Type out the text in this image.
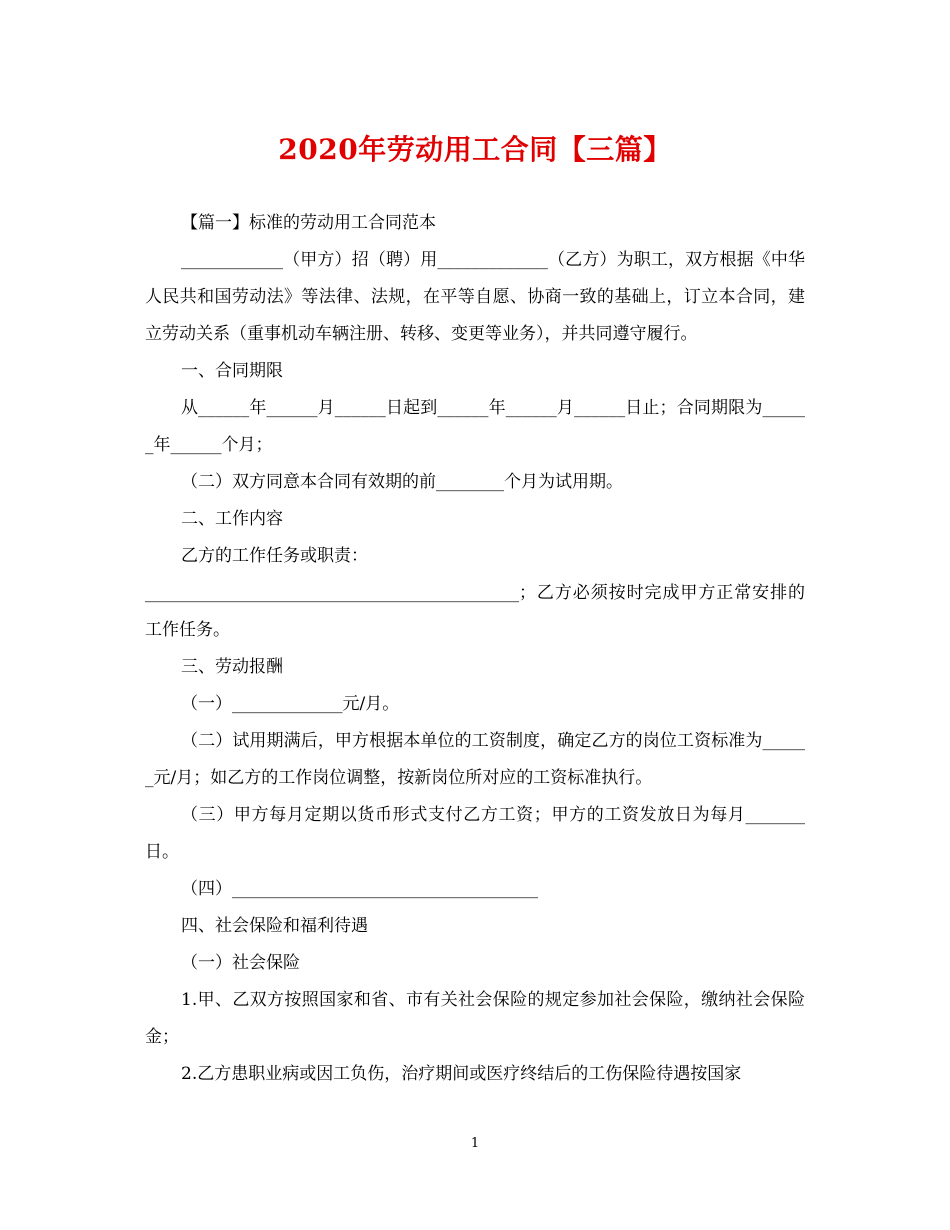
2020年劳动用工合同【三篇】

【篇一】标准的劳动用工合同范本

____________（甲方）招（聘）用_____________（乙方）为职工，双方根据《中华人民共和国劳动法》等法律、法规，在平等自愿、协商一致的基础上，订立本合同，建立劳动关系（重事机动车辆注册、转移、变更等业务），并共同遵守履行。

一、合同期限

从______年______月______日起到______年______月______日止；合同期限为______年______个月；

（二）双方同意本合同有效期的前________个月为试用期。

二、工作内容

乙方的工作任务或职责：

____________________________________________；乙方必须按时完成甲方正常安排的工作任务。

三、劳动报酬

（一）_____________元/月。

（二）试用期满后，甲方根据本单位的工资制度，确定乙方的岗位工资标准为______元/月；如乙方的工作岗位调整，按新岗位所对应的工资标准执行。

（三）甲方每月定期以货币形式支付乙方工资；甲方的工资发放日为每月_______日。

（四）____________________________________

四、社会保险和福利待遇

（一）社会保险

1.甲、乙双方按照国家和省、市有关社会保险的规定参加社会保险，缴纳社会保险金；

2.乙方患职业病或因工负伤，治疗期间或医疗终结后的工伤保险待遇按国家

1
